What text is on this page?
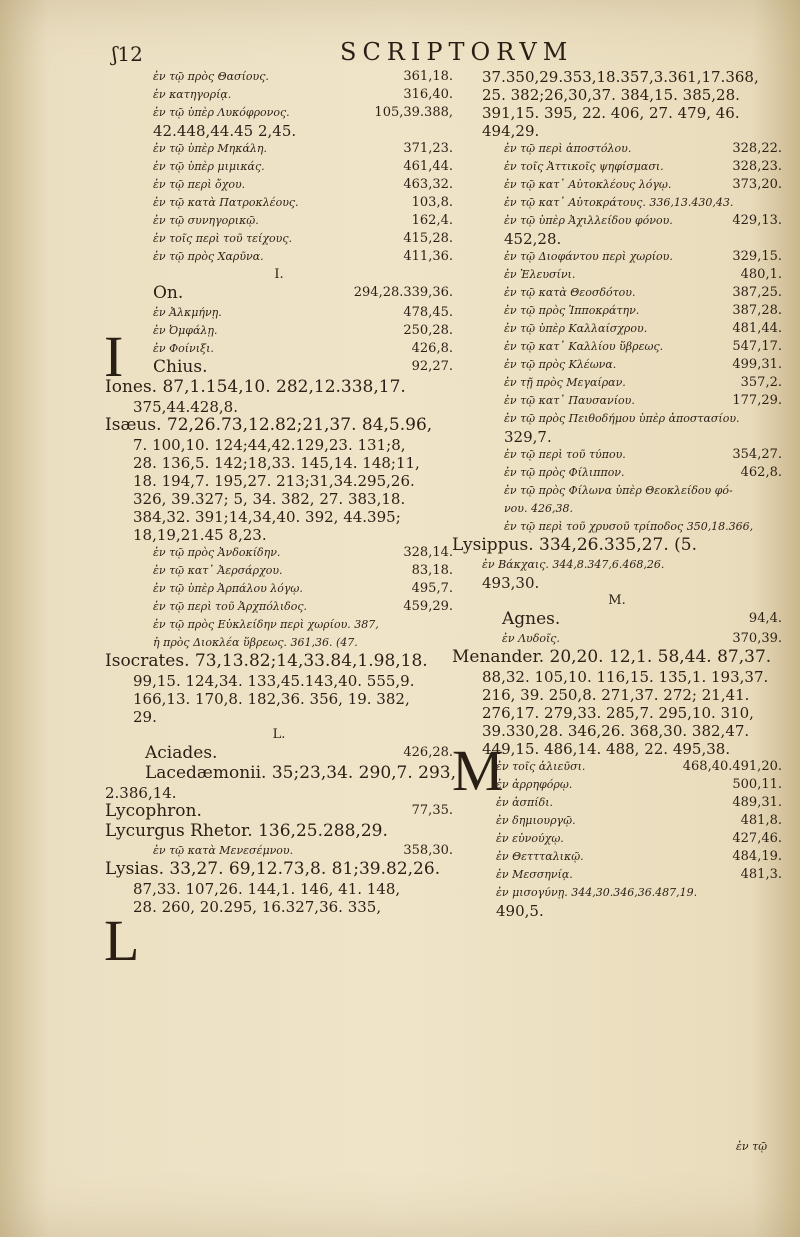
ʃ12	SCRIPTORVM
ἐν τῷ πρὸς Θασίους.	361,18.
ἐν κατηγορίᾳ.	316,40.
ἐν τῷ ὑπὲρ Λυκόφρονος.	105,39.388,
42.448,44.45 2,45.
ἐν τῷ ὑπὲρ Μηκάλη.	371,23.
ἐν τῷ ὑπὲρ μιμικάς.	461,44.
ἐν τῷ περὶ ὄχου.	463,32.
ἐν τῷ κατὰ Πατροκλέους.	103,8.
ἐν τῷ συνηγορικῷ.	162,4.
ἐν τοῖς περὶ τοῦ τείχους.	415,28.
ἐν τῷ πρὸς Χαρῦνα.	411,36.
I.
On.	294,28.339,36.
ἐν Ἀλκμήνῃ.	478,45.
ἐν Ὀμφάλῃ.	250,28.
ἐν Φοίνιξι.	426,8.
Chius.	92,27.
Iones. 87,1.154,10. 282,12.338,17.
375,44.428,8.
Isæus. 72,26.73,12.82;21,37. 84,5.96,
7. 100,10. 124;44,42.129,23. 131;8,
28. 136,5. 142;18,33. 145,14. 148;11,
18. 194,7. 195,27. 213;31,34.295,26.
326, 39.327; 5, 34. 382, 27. 383,18.
384,32. 391;14,34,40. 392, 44.395;
18,19,21.45 8,23.
ἐν τῷ πρὸς Ἀνδοκίδην.	328,14.
ἐν τῷ κατ᾽ Ἀερσάρχου.	83,18.
ἐν τῷ ὑπὲρ Ἀρπάλου λόγῳ.	495,7.
ἐν τῷ περὶ τοῦ Ἀρχπόλιδος.	459,29.
ἐν τῷ πρὸς Εὐκλείδην περὶ χωρίου. 387,
ἡ πρὸς Διοκλέα ὕβρεως. 361,36. (47.
Isocrates. 73,13.82;14,33.84,1.98,18.
99,15. 124,34. 133,45.143,40. 555,9.
166,13. 170,8. 182,36. 356, 19. 382,
29.
L.
Aciades.	426,28.
Lacedæmonii. 35;23,34. 290,7. 293,
2.386,14.
Lycophron.	77,35.
Lycurgus Rhetor. 136,25.288,29.
ἐν τῷ κατὰ Μενεσέμνου.	358,30.
Lysias. 33,27. 69,12.73,8. 81;39.82,26.
87,33. 107,26. 144,1. 146, 41. 148,
28. 260, 20.295, 16.327,36. 335,
37.350,29.353,18.357,3.361,17.368,
25. 382;26,30,37. 384,15. 385,28.
391,15. 395, 22. 406, 27. 479, 46.
494,29.
ἐν τῷ περὶ ἀποστόλου.	328,22.
ἐν τοῖς Ἀττικοῖς ψηφίσμασι.	328,23.
ἐν τῷ κατ᾽ Αὐτοκλέους λόγῳ.	373,20.
ἐν τῷ κατ᾽ Αὐτοκράτους. 336,13.430,43.
ἐν τῷ ὑπὲρ Ἀχιλλείδου φόνου.	429,13.
452,28.
ἐν τῷ Διοφάντου περὶ χωρίου.	329,15.
ἐν Ἐλευσίνι.	480,1.
ἐν τῷ κατὰ Θεοσδότου.	387,25.
ἐν τῷ πρὸς Ἱπποκράτην.	387,28.
ἐν τῷ ὑπὲρ Καλλαίσχρου.	481,44.
ἐν τῷ κατ᾽ Καλλίου ὕβρεως.	547,17.
ἐν τῷ πρὸς Κλέωνα.	499,31.
ἐν τῇ πρὸς Μεγαίραν.	357,2.
ἐν τῷ κατ᾽ Παυσανίου.	177,29.
ἐν τῷ πρὸς Πειθοδήμου ὑπὲρ ἀποστασίου.
329,7.
ἐν τῷ περὶ τοῦ τύπου.	354,27.
ἐν τῷ πρὸς Φίλιππον.	462,8.
ἐν τῷ πρὸς Φίλωνα ὑπὲρ Θεοκλείδου φό-
νου. 426,38.
ἐν τῷ περὶ τοῦ χρυσοῦ τρίποδος 350,18.366,
Lysippus. 334,26.335,27. (5.
ἐν Βάκχαις. 344,8.347,6.468,26.
493,30.
M.
Agnes.	94,4.
ἐν Λυδοῖς.	370,39.
Menander. 20,20. 12,1. 58,44. 87,37.
88,32. 105,10. 116,15. 135,1. 193,37.
216, 39. 250,8. 271,37. 272; 21,41.
276,17. 279,33. 285,7. 295,10. 310,
39.330,28. 346,26. 368,30. 382,47.
449,15. 486,14. 488, 22. 495,38.
ἐν τοῖς ἁλιεῦσι.	468,40.491,20.
ἐν ἀρρηφόρῳ.	500,11.
ἐν ἀσπίδι.	489,31.
ἐν δημιουργῷ.	481,8.
ἐν εὐνούχῳ.	427,46.
ἐν Θεττταλικῷ.	484,19.
ἐν Μεσσηνίᾳ.	481,3.
ἐν μισογύνῃ. 344,30.346,36.487,19.
490,5.
I
L
M
ἐν τῷ
